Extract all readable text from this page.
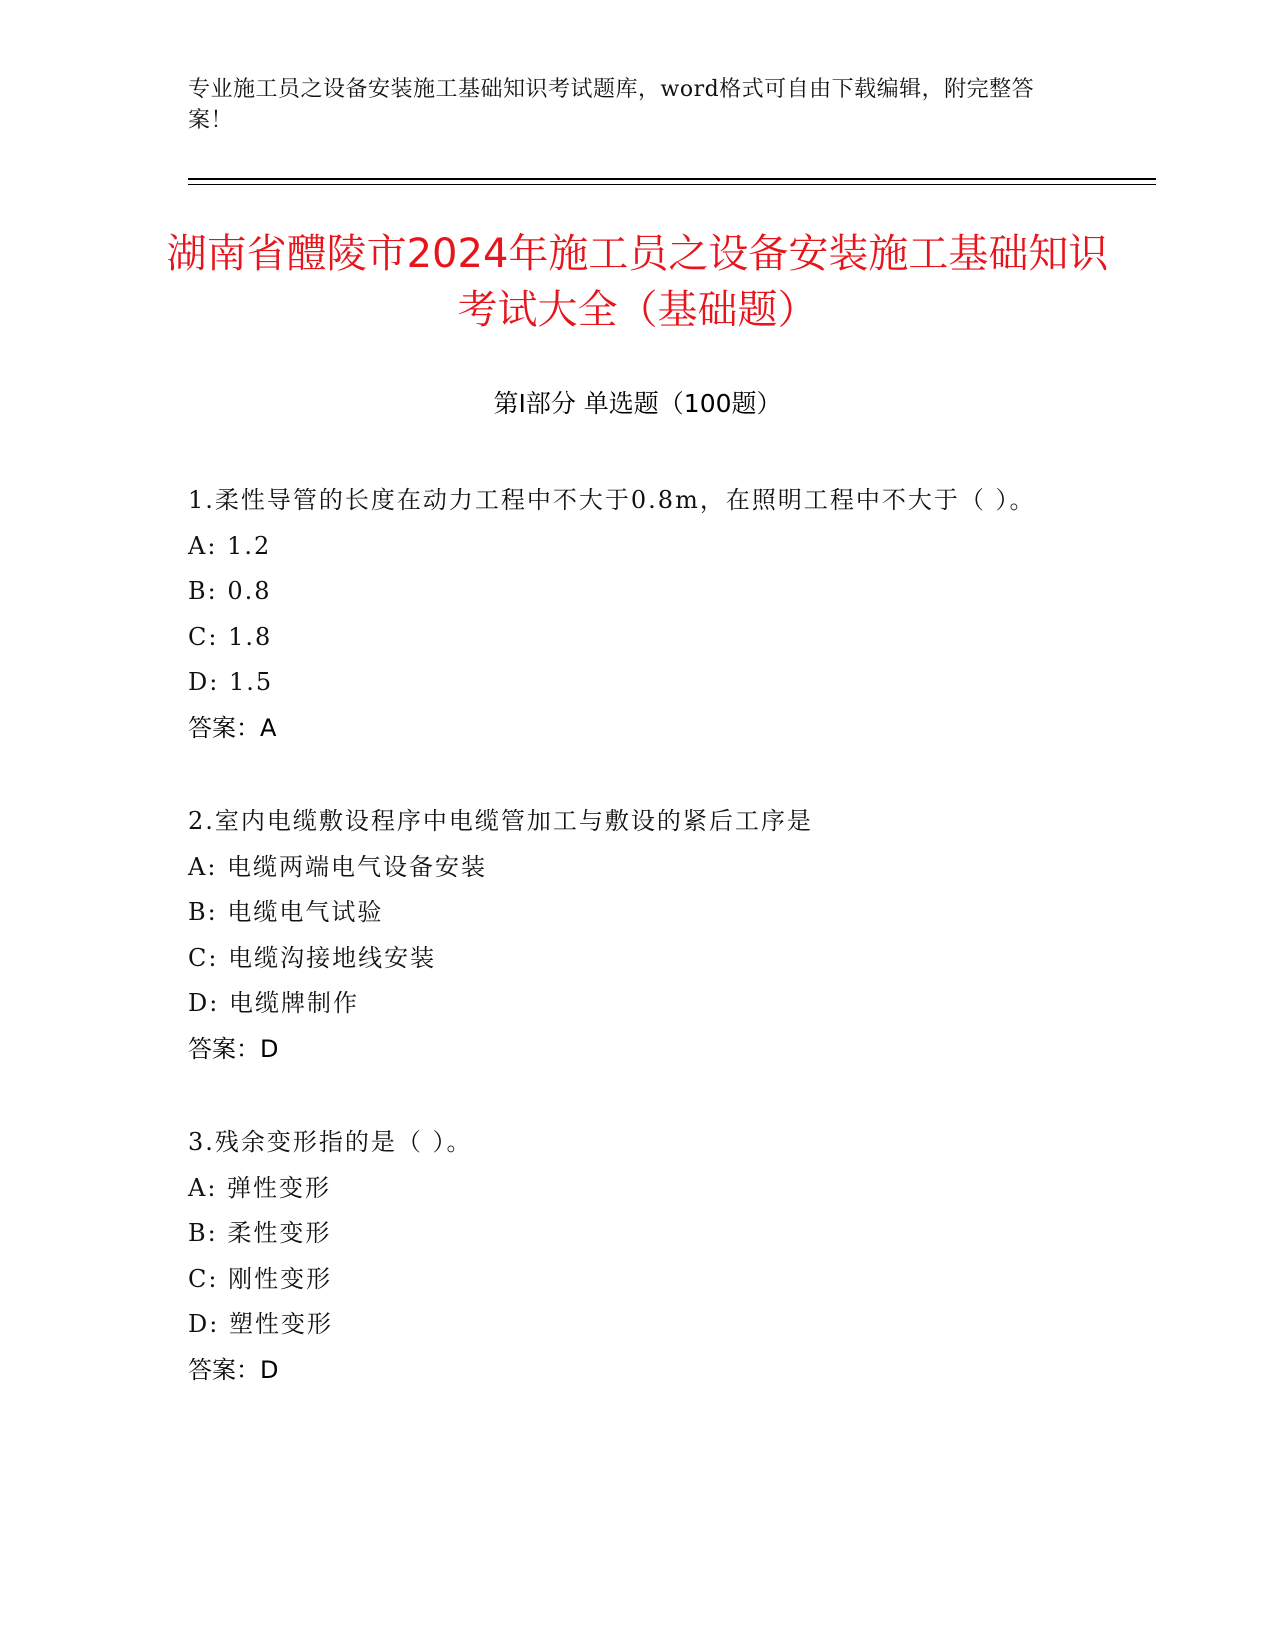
专业施工员之设备安装施工基础知识考试题库，word格式可自由下载编辑，附完整答案！
湖南省醴陵市2024年施工员之设备安装施工基础知识考试大全（基础题）
第Ⅰ部分 单选题（100题）
1.柔性导管的长度在动力工程中不大于0.8m，在照明工程中不大于（ ）。
A: 1.2
B: 0.8
C: 1.8
D: 1.5
答案：A
2.室内电缆敷设程序中电缆管加工与敷设的紧后工序是
A: 电缆两端电气设备安装
B: 电缆电气试验
C: 电缆沟接地线安装
D: 电缆牌制作
答案：D
3.残余变形指的是（ ）。
A: 弹性变形
B: 柔性变形
C: 刚性变形
D: 塑性变形
答案：D
